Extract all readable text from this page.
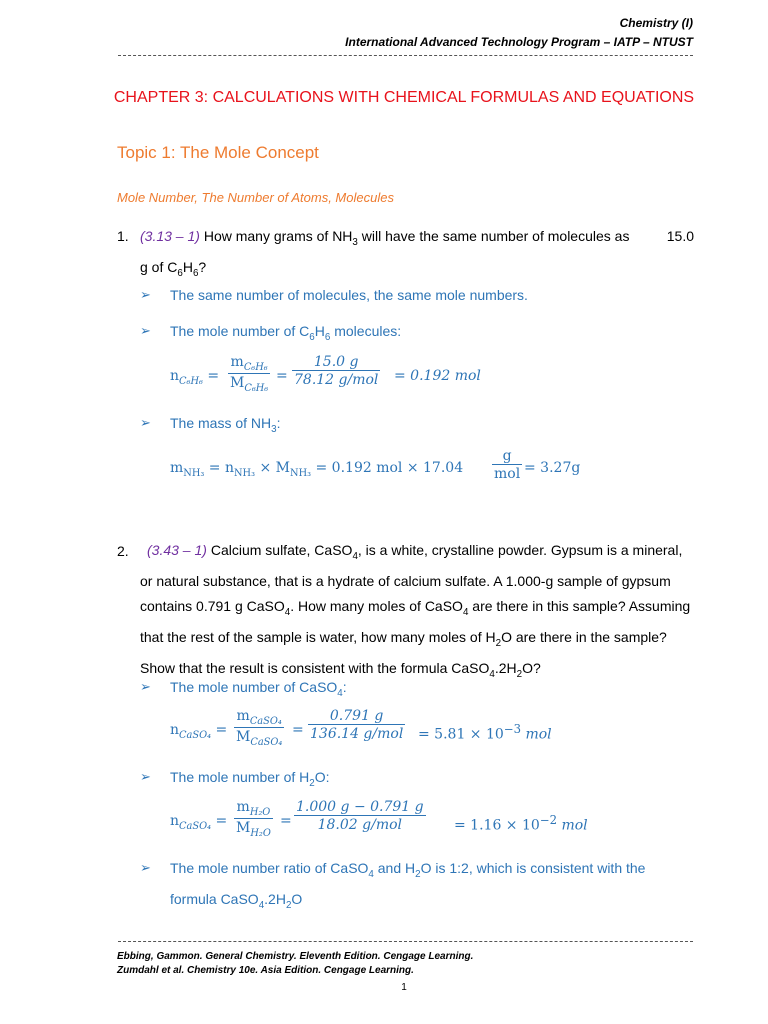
Chemistry (I)
International Advanced Technology Program – IATP – NTUST
CHAPTER 3: CALCULATIONS WITH CHEMICAL FORMULAS AND EQUATIONS
Topic 1: The Mole Concept
Mole Number, The Number of Atoms, Molecules
1. (3.13 – 1) How many grams of $NH_3$ will have the same number of molecules as	15.0

g of $C_6H_6$?
➢ The same number of molecules, the same mole numbers.
➢ The mole number of $C_6H_6$ molecules:
$n_{C_6H_6} = \frac{m_{C_6H_6}}{M_{C_6H_6}}$ =
15.0 g
78.12 g/mol = 0.192 mol
➢ The mass of $NH_3$:
$m_{NH_3} = n_{NH_3} \times M_{NH_3} = 0.192$ mol × 17.04
g
mol = 3.27g
2.	(3.43 – 1) Calcium sulfate, CaSO$_4$, is a white, crystalline powder. Gypsum is a mineral,
or natural substance, that is a hydrate of calcium sulfate. A 1.000-g sample of gypsum
contains 0.791 g CaSO$_4$. How many moles of CaSO$_4$ are there in this sample? Assuming
that the rest of the sample is water, how many moles of $H_2O$ are there in the sample?
Show that the result is consistent with the formula $CaSO_4.2H_2O$?
➢ The mole number of CaSO$_4$:
$n_{CaSO_4}$ =
$m_{CaSO_4}$
$M_{CaSO_4}$
=
0.791 g
136.14 $g/mol = 5.81 \times 10^{-3}$ mol
➢ The mole number of $H_2O$:
$n_{CaSO_4} = \frac{m_{H_2O}}{M_{H_2O}}$ =
1.000 g − 0.791 g
18.02 g/mol	= $1.16 \times 10^{-2}$ mol
➢ The mole number ratio of CaSO$_4$ and $H_2O$ is 1:2, which is consistent with the
formula $CaSO_4.2H_2O$
Ebbing, Gammon. General Chemistry. Eleventh Edition. Cengage Learning.
Zumdahl et al. Chemistry 10e. Asia Edition. Cengage Learning.
1
